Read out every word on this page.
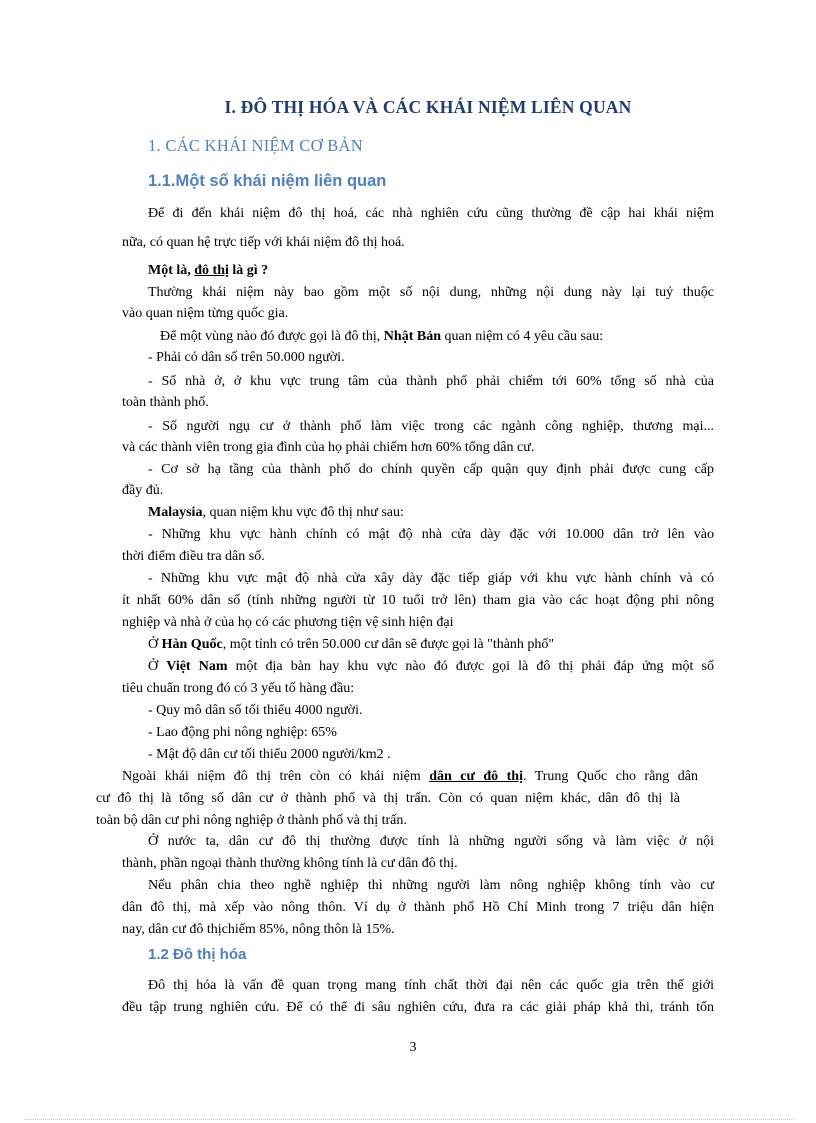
I. ĐÔ THỊ HÓA VÀ CÁC KHÁI NIỆM LIÊN QUAN
1. CÁC KHÁI NIỆM CƠ BẢN
1.1.Một số khái niệm liên quan
Để đi đến khái niệm đô thị hoá, các nhà nghiên cứu cũng thường đề cập hai khái niệm
nữa, có quan hệ trực tiếp với khái niệm đô thị hoá.
Một là, đô thị là gì ?
Thường khái niệm này bao gồm một số nội dung, những nội dung này lại tuỷ thuộc
vào quan niệm từng quốc gia.
Để một vùng nào đó được gọi là đô thị, Nhật Bản quan niệm có 4 yêu cầu sau:
- Phải có dân số trên 50.000 người.
- Số nhà ở, ở khu vực trung tâm của thành phố phải chiếm tới 60% tổng số nhà của
toàn thành phố.
- Số người ngụ cư ở thành phố làm việc trong các ngành công nghiệp, thương mại...
và các thành viên trong gia đình của họ phải chiếm hơn 60% tổng dân cư.
- Cơ sở hạ tầng của thành phố do chính quyền cấp quận quy định phải được cung cấp
đầy đủ.
Malaysia, quan niệm khu vực đô thị như sau:
- Những khu vực hành chính có mật độ nhà cửa dày đặc với 10.000 dân trở lên vào
thời điểm điều tra dân số.
- Những khu vực mật độ nhà cửa xây dày đặc tiếp giáp với khu vực hành chính và có
ít nhất 60% dân số (tính những người từ 10 tuổi trở lên) tham gia vào các hoạt động phi nông
nghiệp và nhà ở của họ có các phương tiện vệ sinh hiện đại
Ở Hàn Quốc, một tỉnh có trên 50.000 cư dân sẽ được gọi là "thành phố"
Ở Việt Nam một địa bàn hay khu vực nào đó được gọi là đô thị phải đáp ứng một số
tiêu chuẩn trong đó có 3 yếu tố hàng đầu:
- Quy mô dân số tối thiểu 4000 người.
- Lao động phi nông nghiệp: 65%
- Mật độ dân cư tối thiểu 2000 người/km2 .
Ngoài khái niệm đô thị trên còn có khái niệm dân cư đô thị. Trung Quốc cho rằng dân
cư đô thị là tổng số dân cư ở thành phố và thị trấn. Còn có quan niệm khác, dân đô thị là
toàn bộ dân cư phi nông nghiệp ở thành phố và thị trấn.
Ở nước ta, dân cư đô thị thường được tính là những người sống và làm việc ở nội
thành, phần ngoại thành thường không tính là cư dân đô thị.
Nếu phân chia theo nghề nghiệp thì những người làm nông nghiệp không tính vào cư
dân đô thị, mà xếp vào nông thôn. Ví dụ ở thành phố Hồ Chí Minh trong 7 triệu dân hiện
nay, dân cư đô thịchiếm 85%, nông thôn là 15%.
1.2 Đô thị hóa
Đô thị hóa là vấn đề quan trọng mang tính chất thời đại nên các quốc gia trên thế giới
đều tập trung nghiên cứu. Để có thể đi sâu nghiên cứu, đưa ra các giải pháp khả thi, tránh tổn
3
